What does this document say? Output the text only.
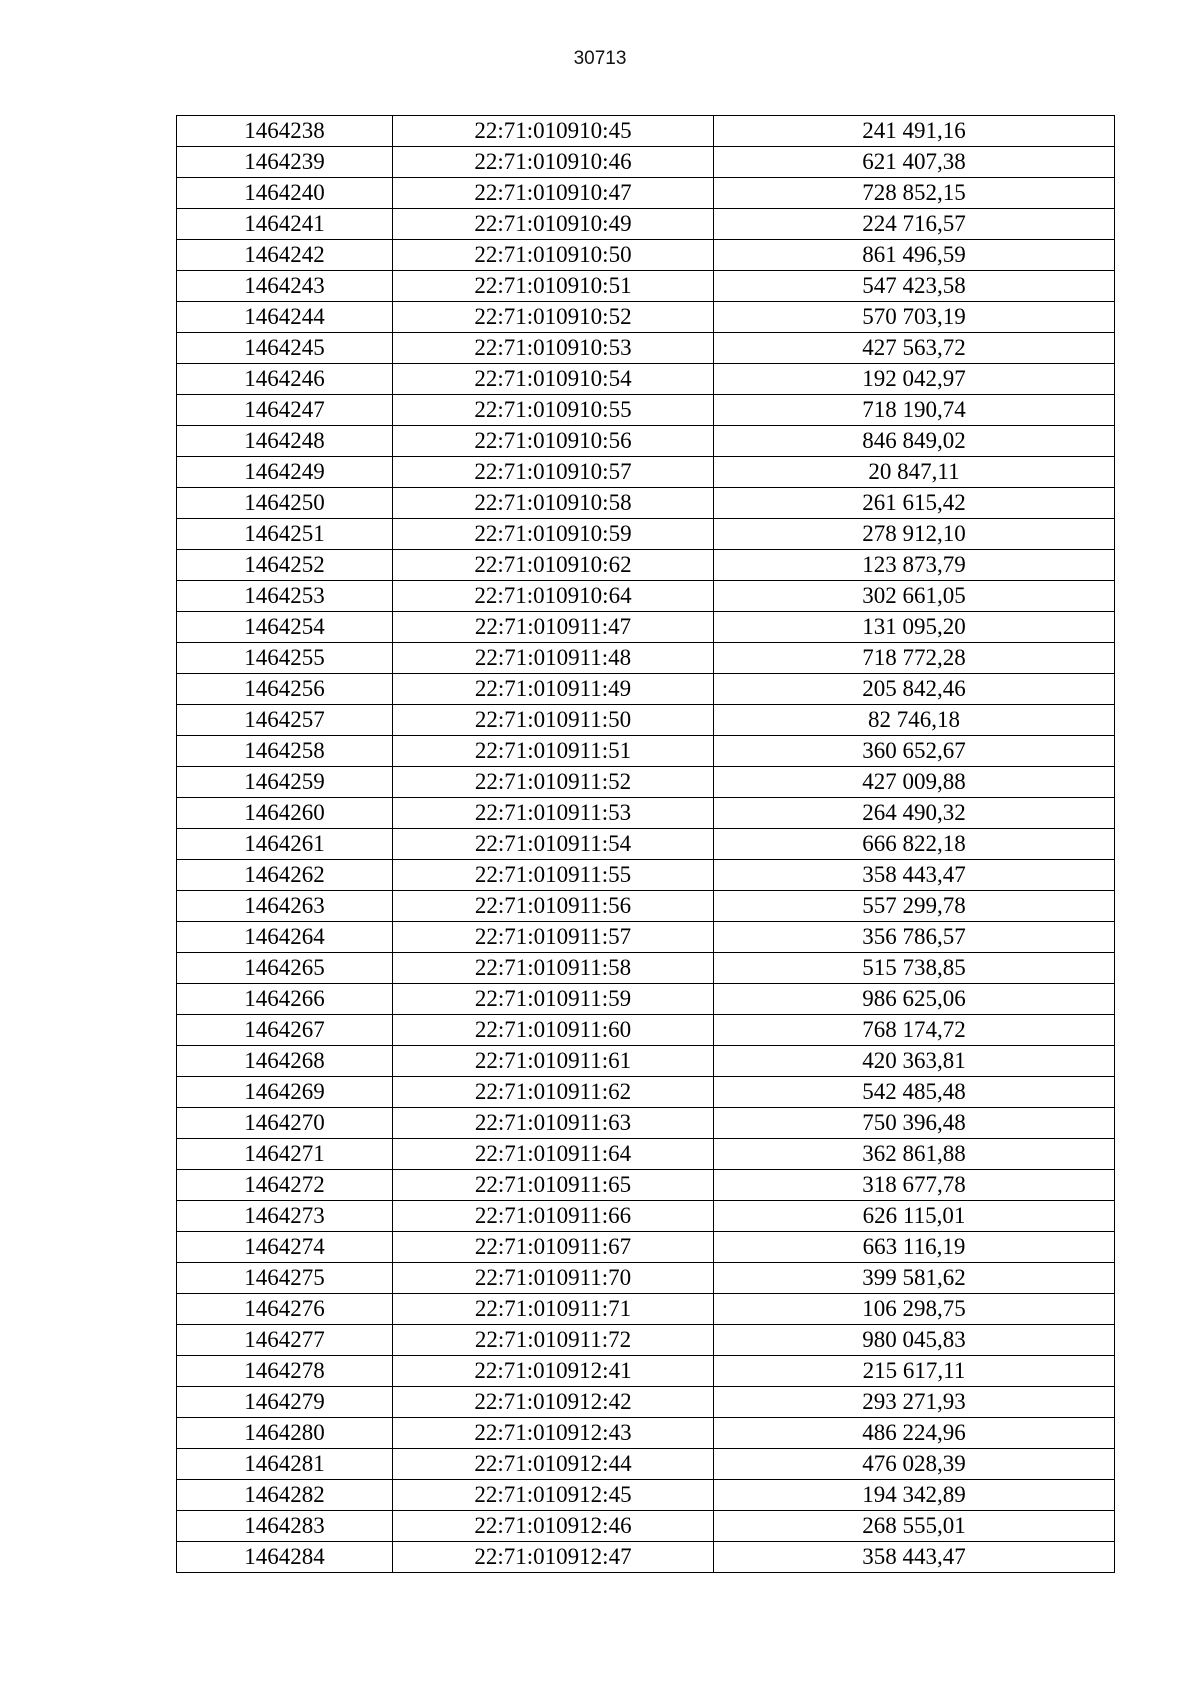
30713
1464238	22:71:010910:45	241 491,16
1464239	22:71:010910:46	621 407,38
1464240	22:71:010910:47	728 852,15
1464241	22:71:010910:49	224 716,57
1464242	22:71:010910:50	861 496,59
1464243	22:71:010910:51	547 423,58
1464244	22:71:010910:52	570 703,19
1464245	22:71:010910:53	427 563,72
1464246	22:71:010910:54	192 042,97
1464247	22:71:010910:55	718 190,74
1464248	22:71:010910:56	846 849,02
1464249	22:71:010910:57	20 847,11
1464250	22:71:010910:58	261 615,42
1464251	22:71:010910:59	278 912,10
1464252	22:71:010910:62	123 873,79
1464253	22:71:010910:64	302 661,05
1464254	22:71:010911:47	131 095,20
1464255	22:71:010911:48	718 772,28
1464256	22:71:010911:49	205 842,46
1464257	22:71:010911:50	82 746,18
1464258	22:71:010911:51	360 652,67
1464259	22:71:010911:52	427 009,88
1464260	22:71:010911:53	264 490,32
1464261	22:71:010911:54	666 822,18
1464262	22:71:010911:55	358 443,47
1464263	22:71:010911:56	557 299,78
1464264	22:71:010911:57	356 786,57
1464265	22:71:010911:58	515 738,85
1464266	22:71:010911:59	986 625,06
1464267	22:71:010911:60	768 174,72
1464268	22:71:010911:61	420 363,81
1464269	22:71:010911:62	542 485,48
1464270	22:71:010911:63	750 396,48
1464271	22:71:010911:64	362 861,88
1464272	22:71:010911:65	318 677,78
1464273	22:71:010911:66	626 115,01
1464274	22:71:010911:67	663 116,19
1464275	22:71:010911:70	399 581,62
1464276	22:71:010911:71	106 298,75
1464277	22:71:010911:72	980 045,83
1464278	22:71:010912:41	215 617,11
1464279	22:71:010912:42	293 271,93
1464280	22:71:010912:43	486 224,96
1464281	22:71:010912:44	476 028,39
1464282	22:71:010912:45	194 342,89
1464283	22:71:010912:46	268 555,01
1464284	22:71:010912:47	358 443,47
